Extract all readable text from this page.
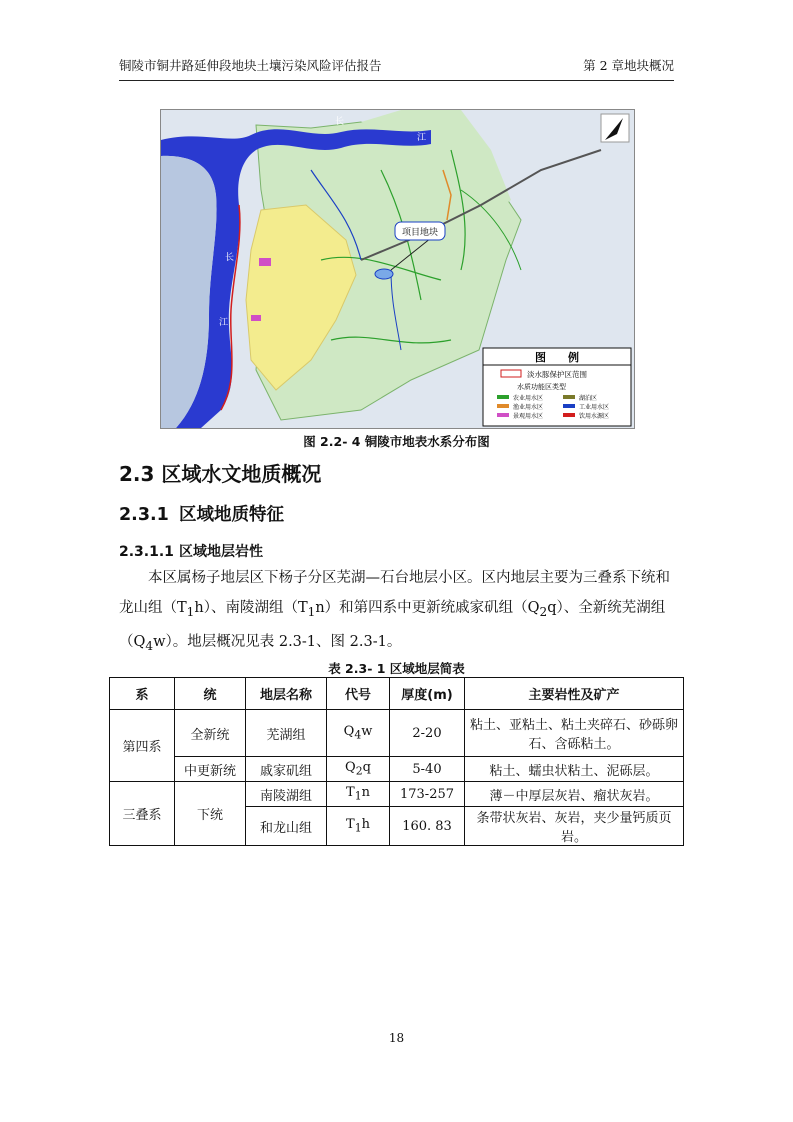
铜陵市铜井路延伸段地块土壤污染风险评估报告	第 2 章地块概况
项目地块
长
江
长
江
图　　例
淡水豚保护区范围
水质功能区类型
农业用水区	湖泊区
渔业用水区	工业用水区
景观用水区	饮用水源区
图 2.2- 4 铜陵市地表水系分布图
2.3 区域水文地质概况
2.3.1 区域地质特征
2.3.1.1 区域地层岩性
本区属杨子地层区下杨子分区芜湖—石台地层小区。区内地层主要为三叠系下统和龙山组$(T_1h)$、南陵湖组$(T_1n)$和第四系中更新统戚家矶组$(Q_2q)$、全新统芜湖组$(Q_4w)$。地层概况见表 2.3-1、图 2.3-1。
表 2.3- 1 区域地层简表
系	统	地层名称	代号	厚度(m)	主要岩性及矿产
第四系	全新统	芜湖组	$Q_4w$	2-20	粘土、亚粘土、粘土夹碎石、砂砾卵石、含砾粘土。
	中更新统	戚家矶组	$Q_2q$	5-40	粘土、蠕虫状粘土、泥砾层。
三叠系	下统	南陵湖组	$T_1n$	173-257	薄－中厚层灰岩、瘤状灰岩。
		和龙山组	$T_1h$	160. 83	条带状灰岩、灰岩，夹少量钙质页岩。
18
